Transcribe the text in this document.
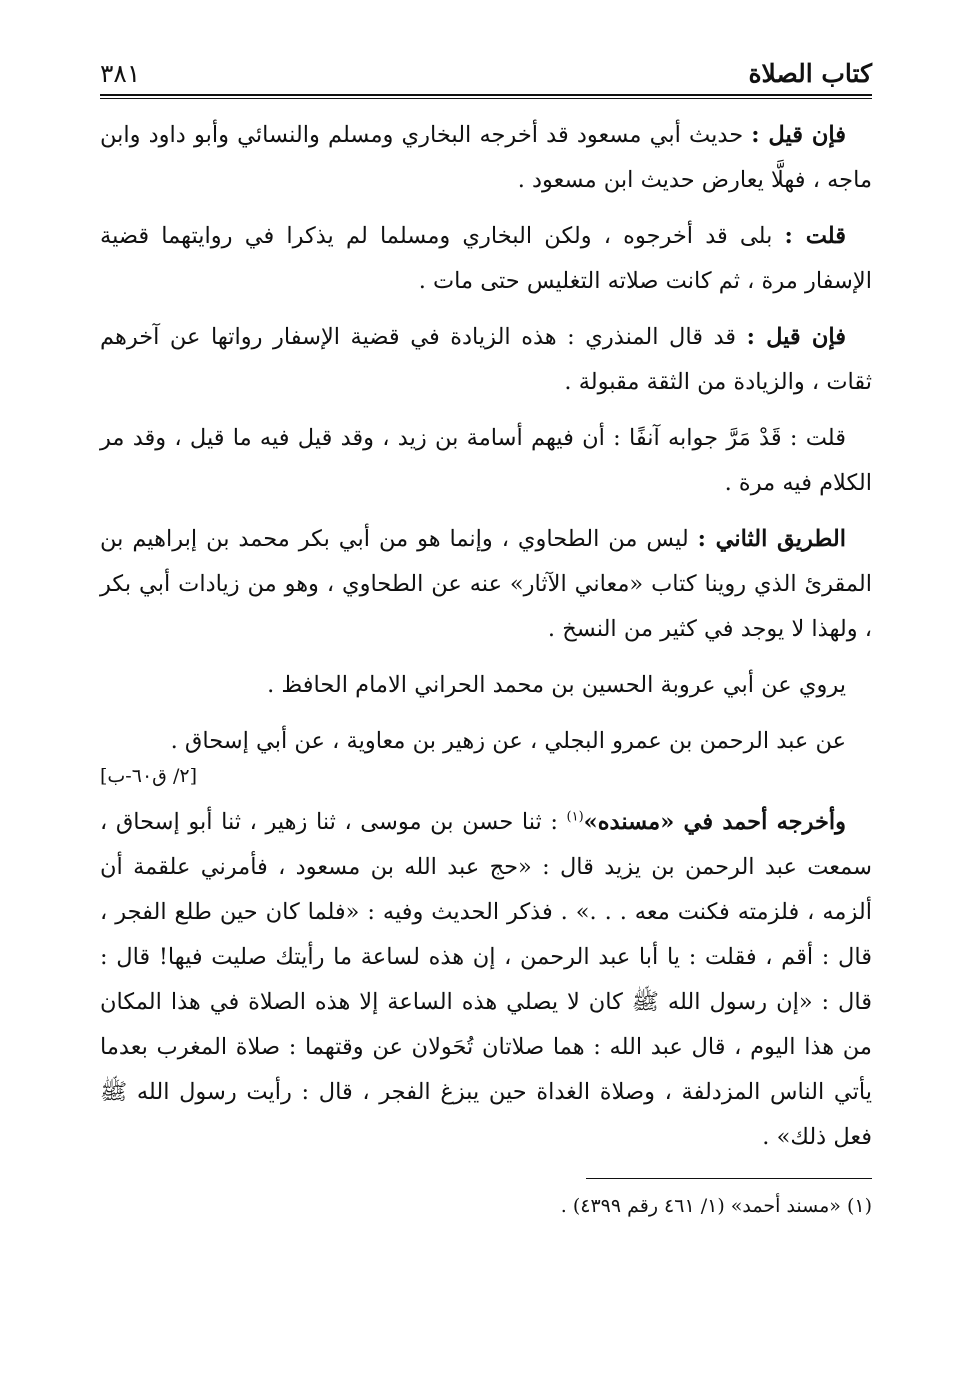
كتاب الصلاة
٣٨١

فإن قيل : حديث أبي مسعود قد أخرجه البخاري ومسلم والنسائي وأبو داود وابن ماجه ، فهلَّا يعارض حديث ابن مسعود .

قلت : بلى قد أخرجوه ، ولكن البخاري ومسلما لم يذكرا في روايتهما قضية الإسفار مرة ، ثم كانت صلاته التغليس حتى مات .

فإن قيل : قد قال المنذري : هذه الزيادة في قضية الإسفار رواتها عن آخرهم ثقات ، والزيادة من الثقة مقبولة .

قلت : قَدْ مَرَّ جوابه آنفًا : أن فيهم أسامة بن زيد ، وقد قيل فيه ما قيل ، وقد مر الكلام فيه مرة .

الطريق الثاني : ليس من الطحاوي ، وإنما هو من أبي بكر محمد بن إبراهيم بن المقرئ الذي روينا كتاب «معاني الآثار» عنه عن الطحاوي ، وهو من زيادات أبي بكر ، ولهذا لا يوجد في كثير من النسخ .

يروي عن أبي عروبة الحسين بن محمد الحراني الامام الحافظ .

عن عبد الرحمن بن عمرو البجلي ، عن زهير بن معاوية ، عن أبي إسحاق .

[٢/ ق٦٠-ب]

وأخرجه أحمد في «مسنده»$^{(١)}$ : ثنا حسن بن موسى ، ثنا زهير ، ثنا أبو إسحاق ، سمعت عبد الرحمن بن يزيد قال : «حج عبد الله بن مسعود ، فأمرني علقمة أن ألزمه ، فلزمته فكنت معه . . .» . فذكر الحديث وفيه : «فلما كان حين طلع الفجر ، قال : أقم ، فقلت : يا أبا عبد الرحمن ، إن هذه لساعة ما رأيتك صليت فيها! قال : قال : «إن رسول الله ﷺ كان لا يصلي هذه الساعة إلا هذه الصلاة في هذا المكان من هذا اليوم ، قال عبد الله : هما صلاتان تُحَولان عن وقتهما : صلاة المغرب بعدما يأتي الناس المزدلفة ، وصلاة الغداة حين يبزغ الفجر ، قال : رأيت رسول الله ﷺ فعل ذلك» .

(١) «مسند أحمد» (١/ ٤٦١ رقم ٤٣٩٩) .
